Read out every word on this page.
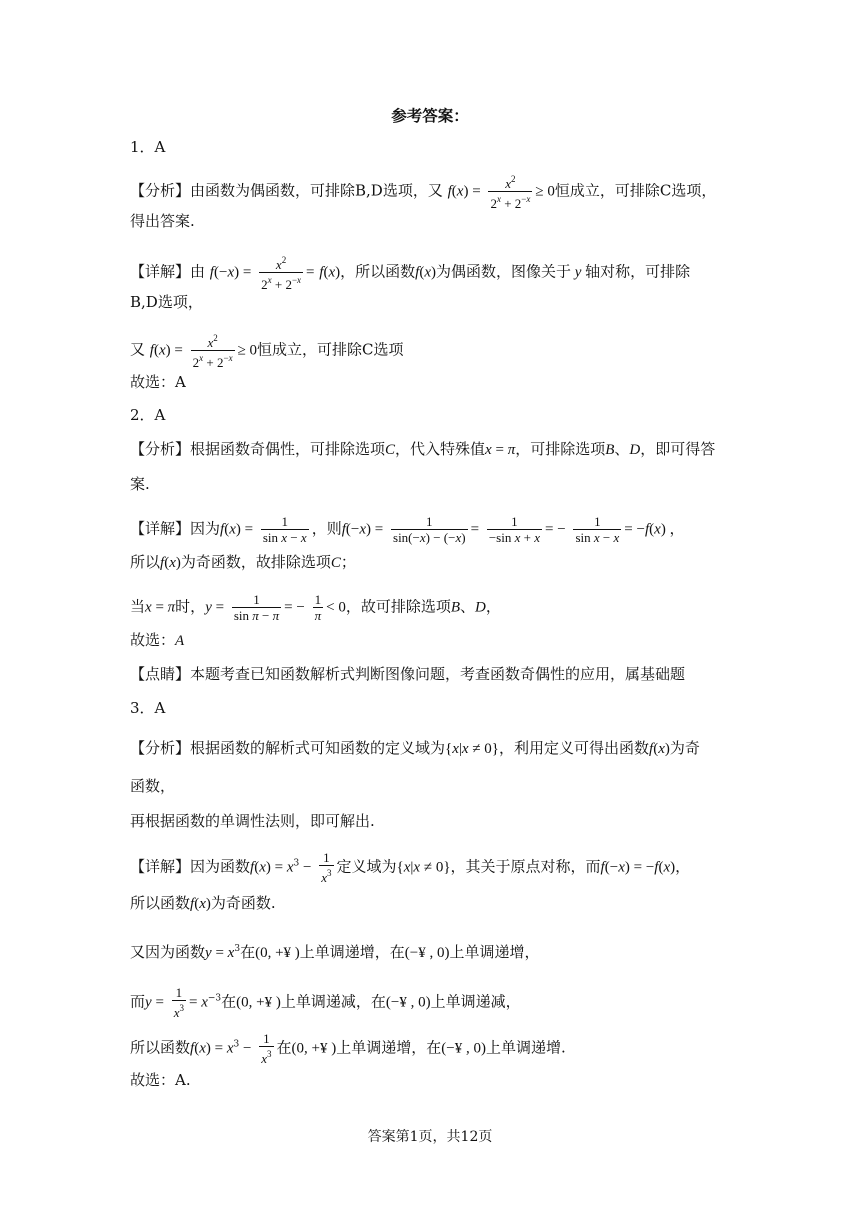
参考答案：
1．A
【分析】由函数为偶函数，可排除B,D选项，又 $f(x) = \frac{x^2}{2^x + 2^{-x}} \ge 0$恒成立，可排除C选项，
得出答案.
【详解】由 $f(-x) = \frac{x^2}{2^x + 2^{-x}} = f(x)$，所以函数f(x)为偶函数，图像关于 y 轴对称，可排除
B,D选项，
又 $f(x) = \frac{x^2}{2^x + 2^{-x}} \ge 0$恒成立，可排除C选项
故选：A
2．A
【分析】根据函数奇偶性，可排除选项C，代入特殊值x = π，可排除选项B、D，即可得答
案.
【详解】因为$f(x) = \frac{1}{\text{sin x − x}}$ ，则$f(-x) = \frac{1}{\sin(-x) - (-x)} = \frac{1}{\text{−sin x + x}}$ = − $\frac{1}{\text{sin x − x}} = -f(x)$ ，
所以f(x)为奇函数，故排除选项C；
当x = π时，$y = \frac{1}{\text{sin π − π}}$ = − $\frac{1}{\pi} < 0$，故可排除选项B、D，
故选：A
【点睛】本题考查已知函数解析式判断图像问题，考查函数奇偶性的应用，属基础题
3．A
【分析】根据函数的解析式可知函数的定义域为{x|x ≠ 0}，利用定义可得出函数f(x)为奇
函数，
再根据函数的单调性法则，即可解出.
【详解】因为函数$f(x) = x^3 - \frac{1}{x^3}$ 定义域为{x|x ≠ 0}，其关于原点对称，而f(−x) = −f(x)，
所以函数f(x)为奇函数.
又因为函数$y = x^3$在(0, +¥ )上单调递增，在(−¥ , 0)上单调递增，
而$y = \frac{1}{x^3} = x^{-3}$在(0, +¥ )上单调递减，在(−¥ , 0)上单调递减，
所以函数$f(x) = x^3 - \frac{1}{x^3}$ 在(0, +¥ )上单调递增，在(−¥ , 0)上单调递增.
故选：A.
答案第1页，共12页
